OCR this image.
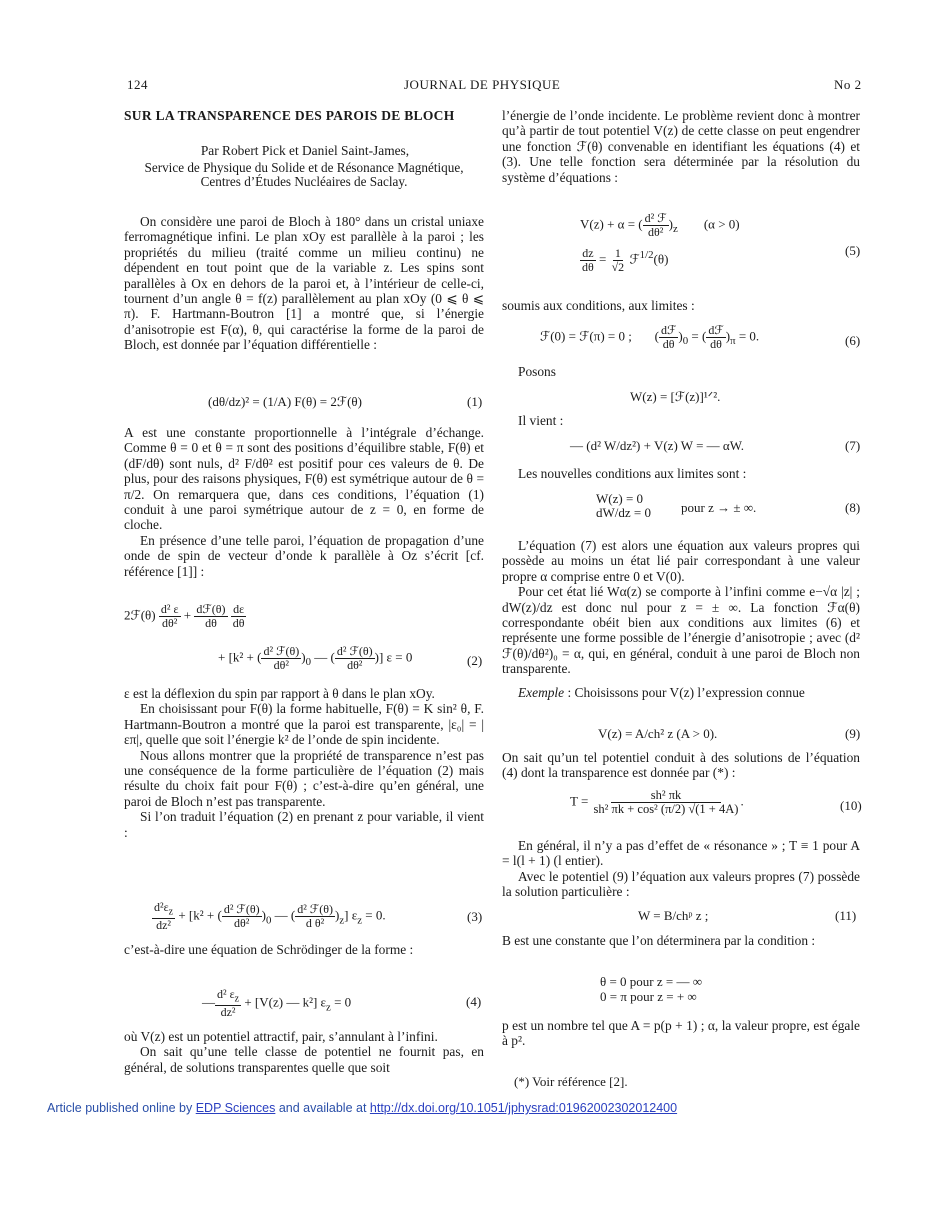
124	JOURNAL DE PHYSIQUE	No 2
SUR LA TRANSPARENCE DES PAROIS DE BLOCH
Par Robert Pick et Daniel Saint-James,
Service de Physique du Solide et de Résonance Magnétique,
Centres d’Études Nucléaires de Saclay.

On considère une paroi de Bloch à 180° dans un cristal uniaxe ferromagnétique infini. Le plan xOy est parallèle à la paroi ; les propriétés du milieu (traité comme un milieu continu) ne dépendent en tout point que de la variable z. Les spins sont parallèles à Ox en dehors de la paroi et, à l’intérieur de celle-ci, tournent d’un angle θ = f(z) parallèlement au plan xOy (0 ⩽ θ ⩽ π). F. Hartmann-Boutron [1] a montré que, si l’énergie d’anisotropie est F(α), θ, qui caractérise la forme de la paroi de Bloch, est donnée par l’équation différentielle :

(dθ/dz)² = (1/A) F(θ) = 2ℱ(θ)	(1)

A est une constante proportionnelle à l’intégrale d’échange. Comme θ = 0 et θ = π sont des positions d’équilibre stable, F(θ) et (dF/dθ) sont nuls, d² F/dθ² est positif pour ces valeurs de θ. De plus, pour des raisons physiques, F(θ) est symétrique autour de θ = π/2. On remarquera que, dans ces conditions, l’équation (1) conduit à une paroi symétrique autour de z = 0, en forme de cloche.

En présence d’une telle paroi, l’équation de propagation d’une onde de spin de vecteur d’onde k parallèle à Oz s’écrit [cf. référence [1]] :

2ℱ(θ) $\frac{\text{d² ε}}{\text{dθ²}} + \frac{\text{dℱ(θ)}}{d\theta}$
$\frac{d\varepsilon}{d\theta}$
+ [k² + ( $\frac{\text{d² ℱ(θ)}}{\text{dθ²}} )_0$ — ( $\frac{\text{d² ℱ(θ)}}{\text{dθ²}}$ )] ε = 0	(2)

ε est la déflexion du spin par rapport à θ dans le plan xOy.

En choisissant pour F(θ) la forme habituelle, F(θ) = K sin² θ, F. Hartmann-Boutron a montré que la paroi est transparente, |ε₀| = |επ|, quelle que soit l’énergie k² de l’onde de spin incidente.

Nous allons montrer que la propriété de transparence n’est pas une conséquence de la forme particulière de l’équation (2) mais résulte du choix fait pour F(θ) ; c’est-à-dire qu’en général, une paroi de Bloch n’est pas transparente.

Si l’on traduit l’équation (2) en prenant z pour variable, il vient :

$\frac{d^2\varepsilon_z}{\text{dz²}} + [k^2$ + ( $\frac{\text{d² ℱ(θ)}}{\text{dθ²}} )_0$ — ( $\frac{\text{d² ℱ(θ)}}{\text{d θ²}} )_z$] $\varepsilon_z = 0$.	(3)

c’est-à-dire une équation de Schrödinger de la forme :

— $\frac{d^2 \varepsilon_z}{\text{dz²}} + [V(z)$ — k²] $\varepsilon_z = 0$	(4)

où V(z) est un potentiel attractif, pair, s’annulant à l’infini.

On sait qu’une telle classe de potentiel ne fournit pas, en général, de solutions transparentes quelle que soit

l’énergie de l’onde incidente. Le problème revient donc à montrer qu’à partir de tout potentiel V(z) de cette classe on peut engendrer une fonction ℱ(θ) convenable en identifiant les équations (4) et (3). Une telle fonction sera déterminée par la résolution du système d’équations :

V(z) + α = ( $\frac{\text{d² ℱ}}{\text{dθ²}} )_z$        (α > 0)
$\frac{dz}{d\theta} = \frac{1}{√2}$ ℱ$^{1/2}$(θ)
(5)

soumis aux conditions, aux limites :

ℱ(0) = ℱ(π) = 0 ;       ( $\frac{\text{dℱ}}{d\theta} )_0$ = ( $\frac{\text{dℱ}}{d\theta} )_\pi = 0$.	(6)

Posons

W(z) = [ℱ(z)]¹ᐟ².

Il vient :

— (d² W/dz²) + V(z) W = — αW.	(7)

Les nouvelles conditions aux limites sont :

W(z) = 0
dW/dz = 0 pour z → ± ∞.	(8)

L’équation (7) est alors une équation aux valeurs propres qui possède au moins un état lié pair correspondant à une valeur propre α comprise entre 0 et V(0).

Pour cet état lié Wα(z) se comporte à l’infini comme e−√α |z| ; dW(z)/dz est donc nul pour z = ± ∞. La fonction ℱα(θ) correspondante obéit bien aux conditions aux limites (6) et représente une forme possible de l’énergie d’anisotropie ; avec (d² ℱ(θ)/dθ²)₀ = α, qui, en général, conduit à une paroi de Bloch non transparente.

Exemple : Choisissons pour V(z) l’expression connue

V(z) = A/ch² z (A > 0).	(9)

On sait qu’un tel potentiel conduit à des solutions de l’équation (4) dont la transparence est donnée par (*) :

$T = \frac{\text{sh² πk}}{\text{sh² πk + cos² (π/2) √(1 + 4A)}}$ .	(10)

En général, il n’y a pas d’effet de « résonance » ; T ≡ 1 pour A = l(l + 1) (l entier).

Avec le potentiel (9) l’équation aux valeurs propres (7) possède la solution particulière :

W = B/chᵖ z ;	(11)

B est une constante que l’on déterminera par la condition :

θ = 0 pour z = — ∞
0 = π pour z = + ∞

p est un nombre tel que A = p(p + 1) ; α, la valeur propre, est égale à p².

(*) Voir référence [2].
Article published online by EDP Sciences and available at http://dx.doi.org/10.1051/jphysrad:01962002302012400
